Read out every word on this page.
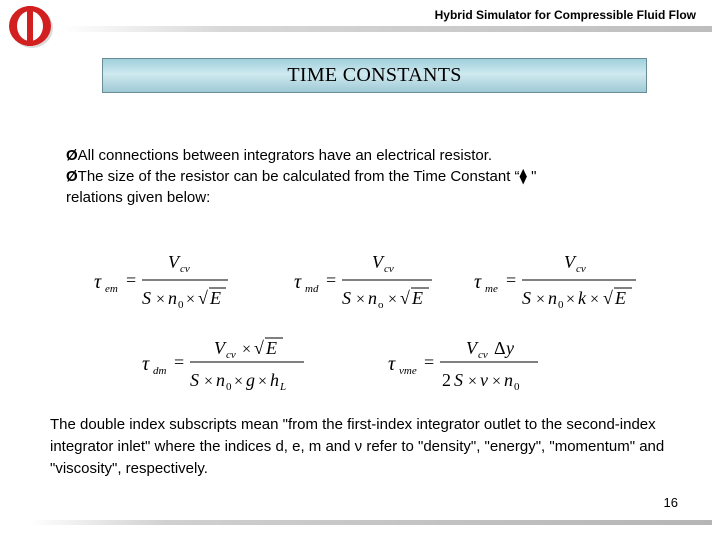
Hybrid Simulator for Compressible Fluid Flow
TIME CONSTANTS
ØAll connections between integrators have an electrical resistor.
ØThe size of the resistor can be calculated from the Time Constant “⧫ "
relations given below:
τ em =
V cv
S × n 0 × √ E
τ md =
V cv
S × n o × √ E
τ me =
V cv
S × n 0 × k × √ E
τ dm =
V cv × √ E
S × n 0 × g × h L
τ νme =
V cv Δ y
2 S × ν × n 0
The double index subscripts mean "from the first-index integrator outlet to the second-index integrator inlet" where the indices d, e, m and ν refer to "density", "energy", "momentum" and "viscosity", respectively.
16
